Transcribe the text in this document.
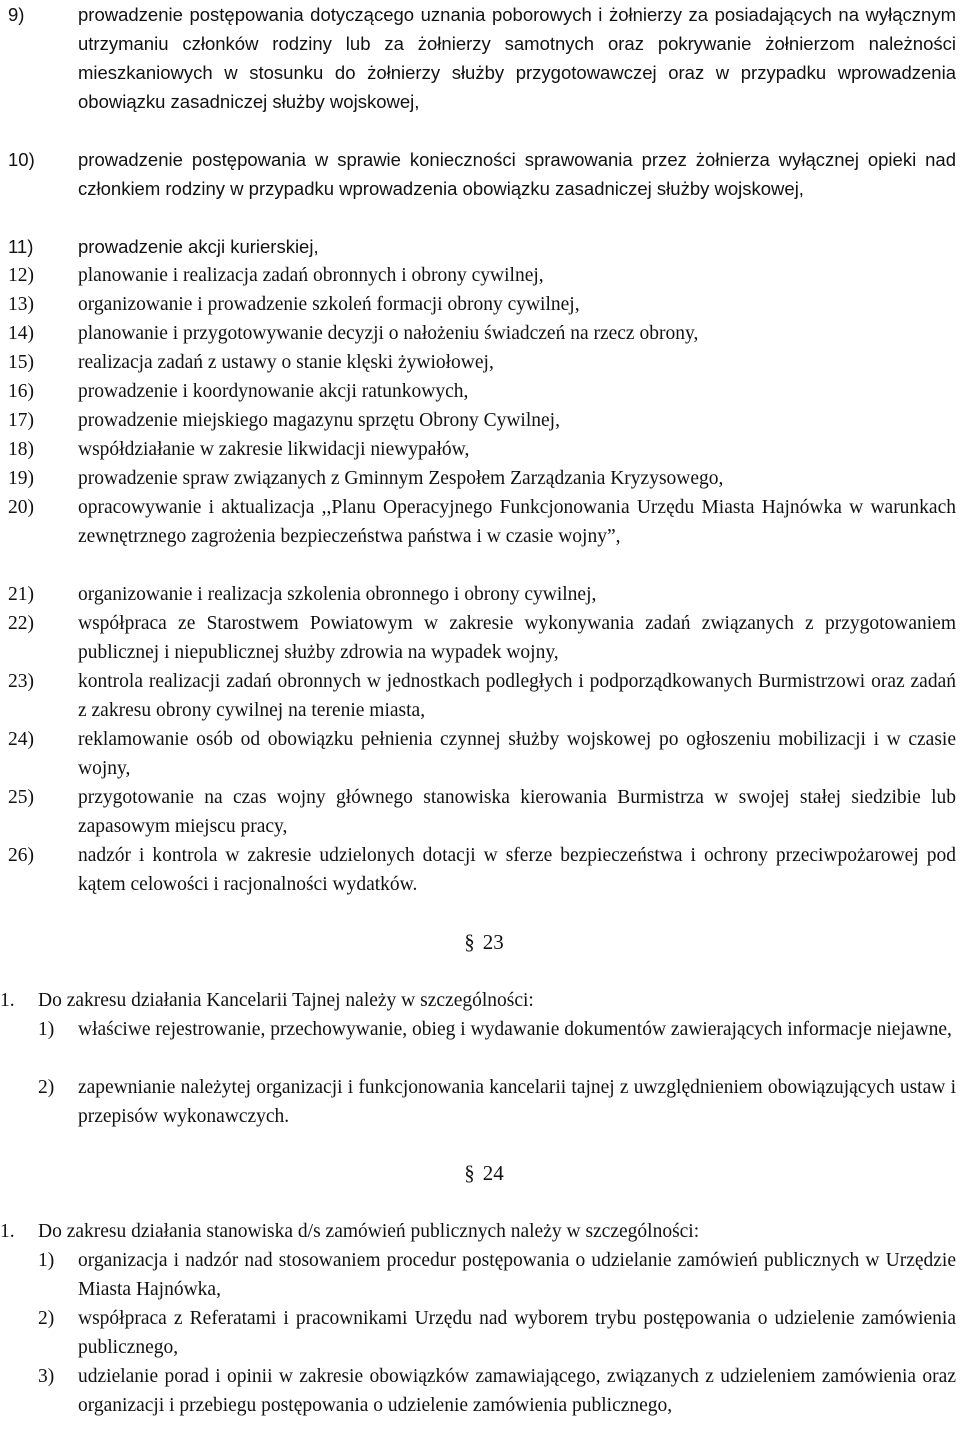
9)	prowadzenie postępowania dotyczącego uznania poborowych i żołnierzy za posiadających na wyłącznym utrzymaniu członków rodziny lub za żołnierzy samotnych oraz pokrywanie żołnierzom należności mieszkaniowych w stosunku do żołnierzy służby przygotowawczej oraz w przypadku wprowadzenia obowiązku zasadniczej służby wojskowej,
10) prowadzenie postępowania w sprawie konieczności sprawowania przez żołnierza wyłącznej opieki nad członkiem rodziny w przypadku wprowadzenia obowiązku zasadniczej służby wojskowej,
11) prowadzenie akcji kurierskiej,
12) planowanie i realizacja zadań obronnych i obrony cywilnej,
13) organizowanie i prowadzenie szkoleń formacji obrony cywilnej,
14) planowanie i przygotowywanie decyzji o nałożeniu świadczeń na rzecz obrony,
15) realizacja zadań z ustawy o stanie klęski żywiołowej,
16) prowadzenie i koordynowanie akcji ratunkowych,
17) prowadzenie miejskiego magazynu sprzętu Obrony Cywilnej,
18) współdziałanie w zakresie likwidacji niewypałów,
19) prowadzenie spraw związanych z Gminnym Zespołem Zarządzania Kryzysowego,
20) opracowywanie i aktualizacja ,,Planu Operacyjnego Funkcjonowania Urzędu Miasta Hajnówka w warunkach zewnętrznego zagrożenia bezpieczeństwa państwa i w czasie wojny”,
21) organizowanie i realizacja szkolenia obronnego i obrony cywilnej,
22) współpraca ze Starostwem Powiatowym w zakresie wykonywania zadań związanych z przygotowaniem publicznej i niepublicznej służby zdrowia na wypadek wojny,
23) kontrola realizacji zadań obronnych w jednostkach podległych i podporządkowanych Burmistrzowi oraz zadań z zakresu obrony cywilnej na terenie miasta,
24) reklamowanie osób od obowiązku pełnienia czynnej służby wojskowej po ogłoszeniu mobilizacji i w czasie wojny,
25) przygotowanie na czas wojny głównego stanowiska kierowania Burmistrza w swojej stałej siedzibie lub zapasowym miejscu pracy,
26) nadzór i kontrola w zakresie udzielonych dotacji w sferze bezpieczeństwa i ochrony przeciwpożarowej pod kątem celowości i racjonalności wydatków.
§ 23
1. Do zakresu działania Kancelarii Tajnej należy w szczególności:
1) właściwe rejestrowanie, przechowywanie, obieg i wydawanie dokumentów zawierających informacje niejawne,
2) zapewnianie należytej organizacji i funkcjonowania kancelarii tajnej z uwzględnieniem obowiązujących ustaw i przepisów wykonawczych.
§ 24
1. Do zakresu działania stanowiska d/s zamówień publicznych należy w szczególności:
1) organizacja i nadzór nad stosowaniem procedur postępowania o udzielanie zamówień publicznych w Urzędzie Miasta Hajnówka,
2) współpraca z Referatami i pracownikami Urzędu nad wyborem trybu postępowania o udzielenie zamówienia publicznego,
3) udzielanie porad i opinii w zakresie obowiązków zamawiającego, związanych z udzieleniem zamówienia oraz organizacji i przebiegu postępowania o udzielenie zamówienia publicznego,
